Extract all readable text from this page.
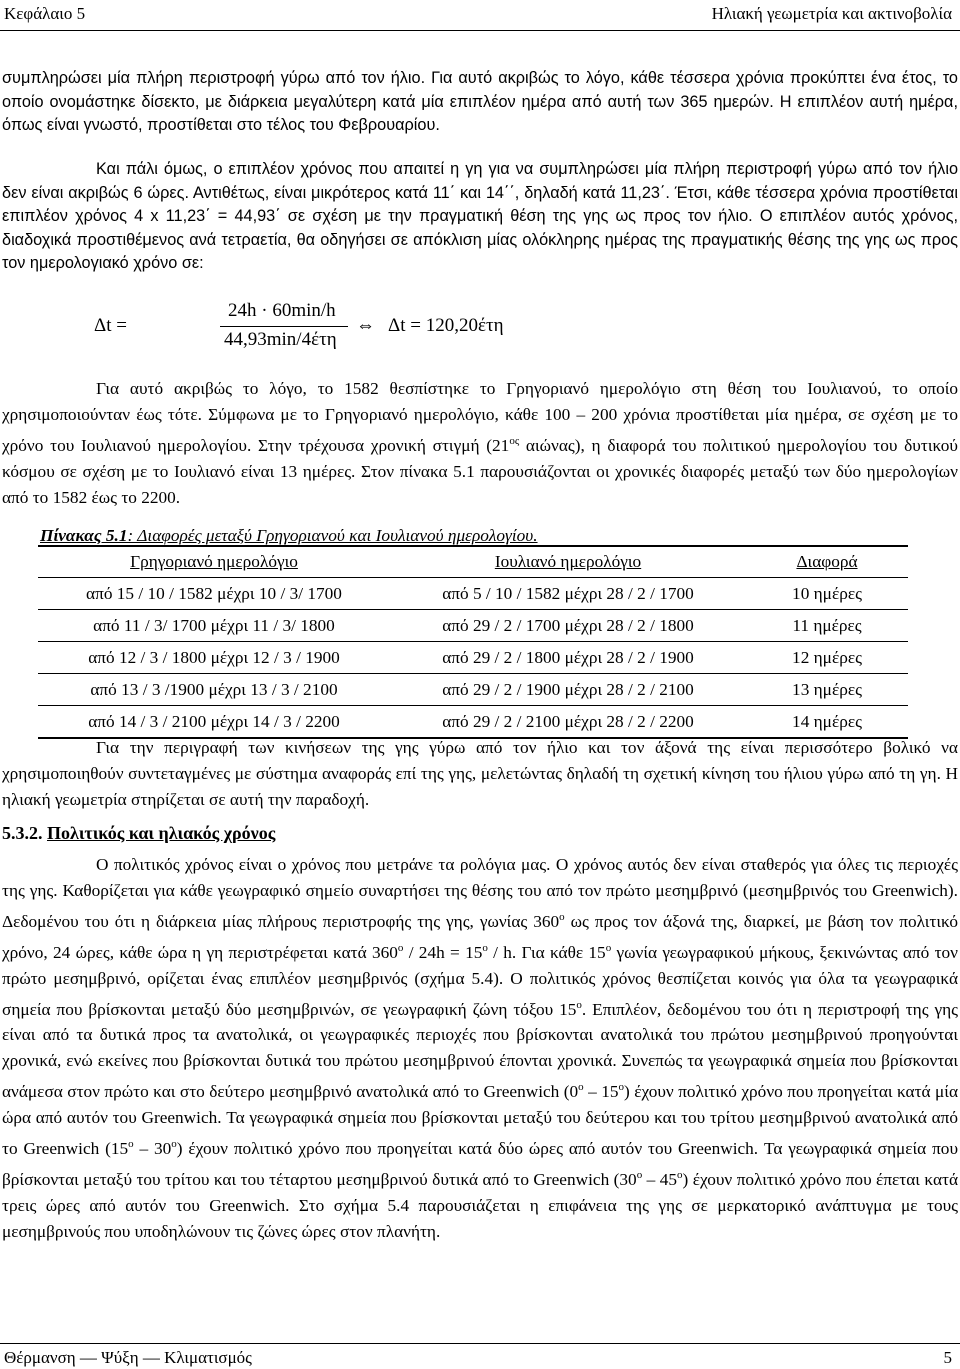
Κεφάλαιο 5	Ηλιακή γεωμετρία και ακτινοβολία

συμπληρώσει μία πλήρη περιστροφή γύρω από τον ήλιο. Για αυτό ακριβώς το λόγο, κάθε τέσσερα χρόνια προκύπτει ένα έτος, το οποίο ονομάστηκε δίσεκτο, με διάρκεια μεγαλύτερη κατά μία επιπλέον ημέρα από αυτή των 365 ημερών. Η επιπλέον αυτή ημέρα, όπως είναι γνωστό, προστίθεται στο τέλος του Φεβρουαρίου.

Και πάλι όμως, ο επιπλέον χρόνος που απαιτεί η γη για να συμπληρώσει μία πλήρη περιστροφή γύρω από τον ήλιο δεν είναι ακριβώς 6 ώρες. Αντιθέτως, είναι μικρότερος κατά 11΄ και 14΄΄, δηλαδή κατά 11,23΄. Έτσι, κάθε τέσσερα χρόνια προστίθεται επιπλέον χρόνος 4 x 11,23΄ = 44,93΄ σε σχέση με την πραγματική θέση της γης ως προς τον ήλιο. Ο επιπλέον αυτός χρόνος, διαδοχικά προστιθέμενος ανά τετραετία, θα οδηγήσει σε απόκλιση μίας ολόκληρης ημέρας της πραγματικής θέσης της γης ως προς τον ημερολογιακό χρόνο σε:

Δt =
24h · 60min/h
44,93min/4έτη
⇔ Δt = 120,20έτη

Για αυτό ακριβώς το λόγο, το 1582 θεσπίστηκε το Γρηγοριανό ημερολόγιο στη θέση του Ιουλιανού, το οποίο χρησιμοποιούνταν έως τότε. Σύμφωνα με το Γρηγοριανό ημερολόγιο, κάθε 100 – 200 χρόνια προστίθεται μία ημέρα, σε σχέση με το χρόνο του Ιουλιανού ημερολογίου. Στην τρέχουσα χρονική στιγμή ($21^{o\varsigma}$ αιώνας), η διαφορά του πολιτικού ημερολογίου του δυτικού κόσμου σε σχέση με το Ιουλιανό είναι 13 ημέρες. Στον πίνακα 5.1 παρουσιάζονται οι χρονικές διαφορές μεταξύ των δύο ημερολογίων από το 1582 έως το 2200.

Πίνακας 5.1: Διαφορές μεταξύ Γρηγοριανού και Ιουλιανού ημερολογίου.
Γρηγοριανό ημερολόγιο	Ιουλιανό ημερολόγιο	Διαφορά
από 15 / 10 / 1582 μέχρι 10 / 3/ 1700	από 5 / 10 / 1582 μέχρι 28 / 2 / 1700	10 ημέρες
από 11 / 3/ 1700 μέχρι 11 / 3/ 1800	από 29 / 2 / 1700 μέχρι 28 / 2 / 1800	11 ημέρες
από 12 / 3 / 1800 μέχρι 12 / 3 / 1900	από 29 / 2 / 1800 μέχρι 28 / 2 / 1900	12 ημέρες
από 13 / 3 /1900 μέχρι 13 / 3 / 2100	από 29 / 2 / 1900 μέχρι 28 / 2 / 2100	13 ημέρες
από 14 / 3 / 2100 μέχρι 14 / 3 / 2200	από 29 / 2 / 2100 μέχρι 28 / 2 / 2200	14 ημέρες

Για την περιγραφή των κινήσεων της γης γύρω από τον ήλιο και τον άξονά της είναι περισσότερο βολικό να χρησιμοποιηθούν συντεταγμένες με σύστημα αναφοράς επί της γης, μελετώντας δηλαδή τη σχετική κίνηση του ήλιου γύρω από τη γη. Η ηλιακή γεωμετρία στηρίζεται σε αυτή την παραδοχή.

5.3.2. Πολιτικός και ηλιακός χρόνος

Ο πολιτικός χρόνος είναι ο χρόνος που μετράνε τα ρολόγια μας. Ο χρόνος αυτός δεν είναι σταθερός για όλες τις περιοχές της γης. Καθορίζεται για κάθε γεωγραφικό σημείο συναρτήσει της θέσης του από τον πρώτο μεσημβρινό (μεσημβρινός του Greenwich). Δεδομένου του ότι η διάρκεια μίας πλήρους περιστροφής της γης, γωνίας $360^o$ ως προς τον άξονά της, διαρκεί, με βάση τον πολιτικό χρόνο, 24 ώρες, κάθε ώρα η γη περιστρέφεται κατά $360^o / 24h = 15^o / h$. Για κάθε $15^o$ γωνία γεωγραφικού μήκους, ξεκινώντας από τον πρώτο μεσημβρινό, ορίζεται ένας επιπλέον μεσημβρινός (σχήμα 5.4). Ο πολιτικός χρόνος θεσπίζεται κοινός για όλα τα γεωγραφικά σημεία που βρίσκονται μεταξύ δύο μεσημβρινών, σε γεωγραφική ζώνη τόξου $15^o$. Επιπλέον, δεδομένου του ότι η περιστροφή της γης είναι από τα δυτικά προς τα ανατολικά, οι γεωγραφικές περιοχές που βρίσκονται ανατολικά του πρώτου μεσημβρινού προηγούνται χρονικά, ενώ εκείνες που βρίσκονται δυτικά του πρώτου μεσημβρινού έπονται χρονικά. Συνεπώς τα γεωγραφικά σημεία που βρίσκονται ανάμεσα στον πρώτο και στο δεύτερο μεσημβρινό ανατολικά από το Greenwich $(0^o - 15^o)$ έχουν πολιτικό χρόνο που προηγείται κατά μία ώρα από αυτόν του Greenwich. Τα γεωγραφικά σημεία που βρίσκονται μεταξύ του δεύτερου και του τρίτου μεσημβρινού ανατολικά από το Greenwich $(15^o - 30^o)$ έχουν πολιτικό χρόνο που προηγείται κατά δύο ώρες από αυτόν του Greenwich. Τα γεωγραφικά σημεία που βρίσκονται μεταξύ του τρίτου και του τέταρτου μεσημβρινού δυτικά από το Greenwich $(30^o - 45^o)$ έχουν πολιτικό χρόνο που έπεται κατά τρεις ώρες από αυτόν του Greenwich. Στο σχήμα 5.4 παρουσιάζεται η επιφάνεια της γης σε μερκατορικό ανάπτυγμα με τους μεσημβρινούς που υποδηλώνουν τις ζώνες ώρες στον πλανήτη.

Θέρμανση — Ψύξη — Κλιματισμός	5
